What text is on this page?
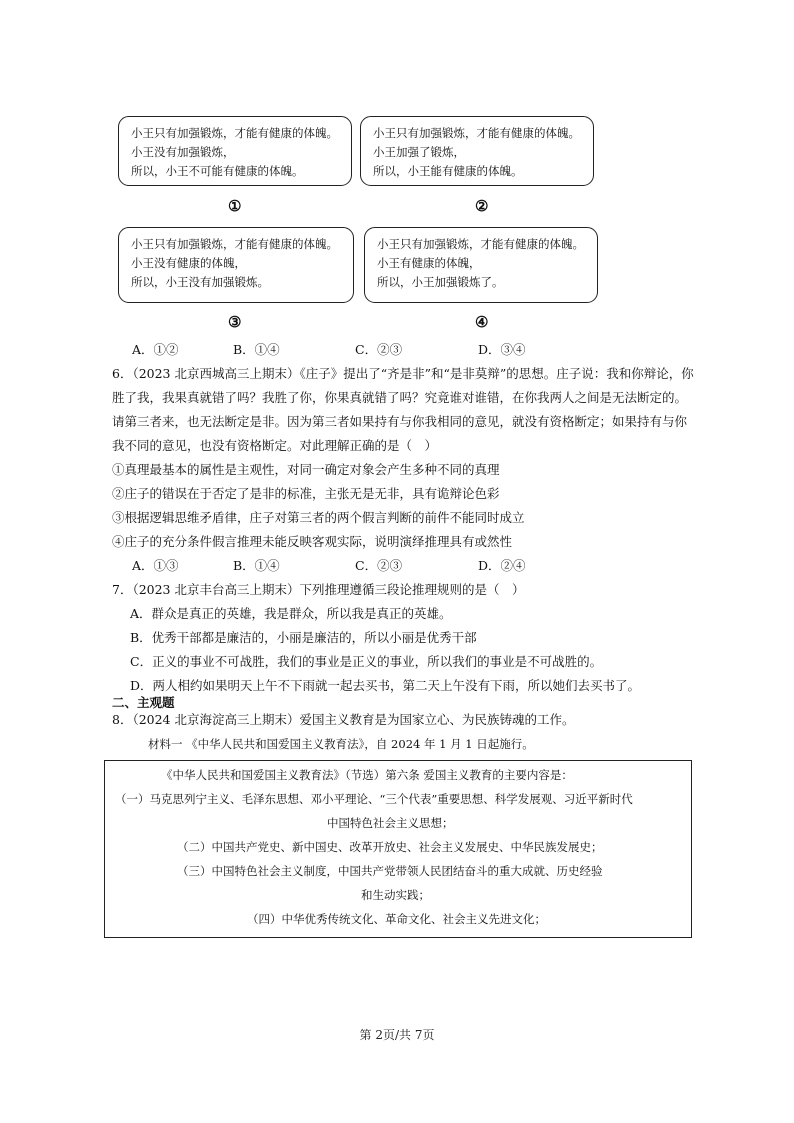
小王只有加强锻炼，才能有健康的体魄。
小王没有加强锻炼，
所以，小王不可能有健康的体魄。
①
小王只有加强锻炼，才能有健康的体魄。
小王加强了锻炼，
所以，小王能有健康的体魄。
②
小王只有加强锻炼，才能有健康的体魄。
小王没有健康的体魄，
所以，小王没有加强锻炼。
③
小王只有加强锻炼，才能有健康的体魄。
小王有健康的体魄，
所以，小王加强锻炼了。
④
A．①②	B．①④	C．②③	D．③④
6．（2023 北京西城高三上期末）《庄子》提出了“齐是非”和“是非莫辩”的思想。庄子说：我和你辩论，你
胜了我，我果真就错了吗？我胜了你，你果真就错了吗？究竟谁对谁错，在你我两人之间是无法断定的。
请第三者来，也无法断定是非。因为第三者如果持有与你我相同的意见，就没有资格断定；如果持有与你
我不同的意见，也没有资格断定。对此理解正确的是（　）
①真理最基本的属性是主观性，对同一确定对象会产生多种不同的真理
②庄子的错误在于否定了是非的标准，主张无是无非，具有诡辩论色彩
③根据逻辑思维矛盾律，庄子对第三者的两个假言判断的前件不能同时成立
④庄子的充分条件假言推理未能反映客观实际，说明演绎推理具有或然性
A．①③	B．①④	C．②③	D．②④
7．（2023 北京丰台高三上期末）下列推理遵循三段论推理规则的是（　）
A．群众是真正的英雄，我是群众，所以我是真正的英雄。
B．优秀干部都是廉洁的，小丽是廉洁的，所以小丽是优秀干部
C．正义的事业不可战胜，我们的事业是正义的事业，所以我们的事业是不可战胜的。
D．两人相约如果明天上午不下雨就一起去买书，第二天上午没有下雨，所以她们去买书了。
二、主观题
8．（2024 北京海淀高三上期末）爱国主义教育是为国家立心、为民族铸魂的工作。
材料一 《中华人民共和国爱国主义教育法》，自 2024 年 1 月 1 日起施行。
《中华人民共和国爱国主义教育法》（节选）第六条 爱国主义教育的主要内容是：
（一）马克思列宁主义、毛泽东思想、邓小平理论、“三个代表”重要思想、科学发展观、习近平新时代
中国特色社会主义思想；
（二）中国共产党史、新中国史、改革开放史、社会主义发展史、中华民族发展史；
（三）中国特色社会主义制度，中国共产党带领人民团结奋斗的重大成就、历史经验
和生动实践；
（四）中华优秀传统文化、革命文化、社会主义先进文化；
第 2页/共 7页
